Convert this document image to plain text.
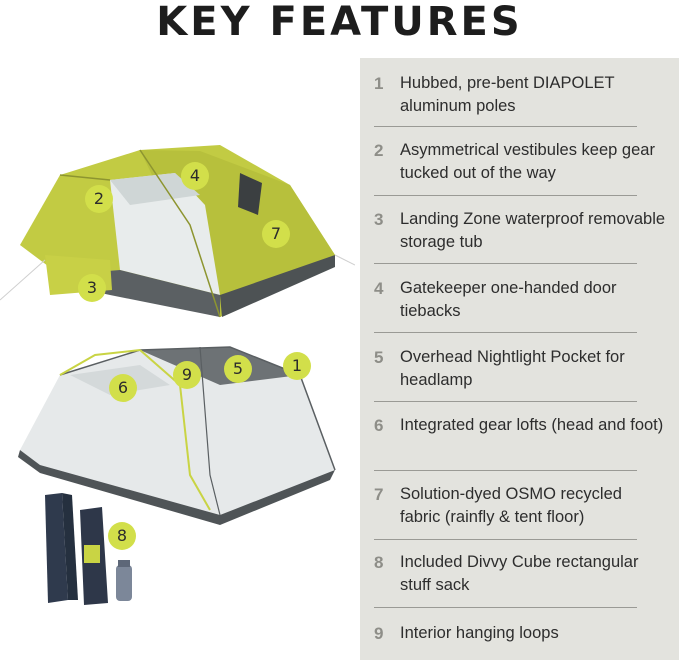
KEY FEATURES
2
4
7
3
1
9	5
6
8
1	Hubbed, pre-bent DIAPOLET aluminum poles
2	Asymmetrical vestibules keep gear tucked out of the way
3	Landing Zone waterproof removable storage tub
4	Gatekeeper one-handed door tiebacks
5	Overhead Nightlight Pocket for headlamp
6	Integrated gear lofts (head and foot)
7	Solution-dyed OSMO recycled fabric (rainfly & tent floor)
8	Included Divvy Cube rectangular stuff sack
9	Interior hanging loops
